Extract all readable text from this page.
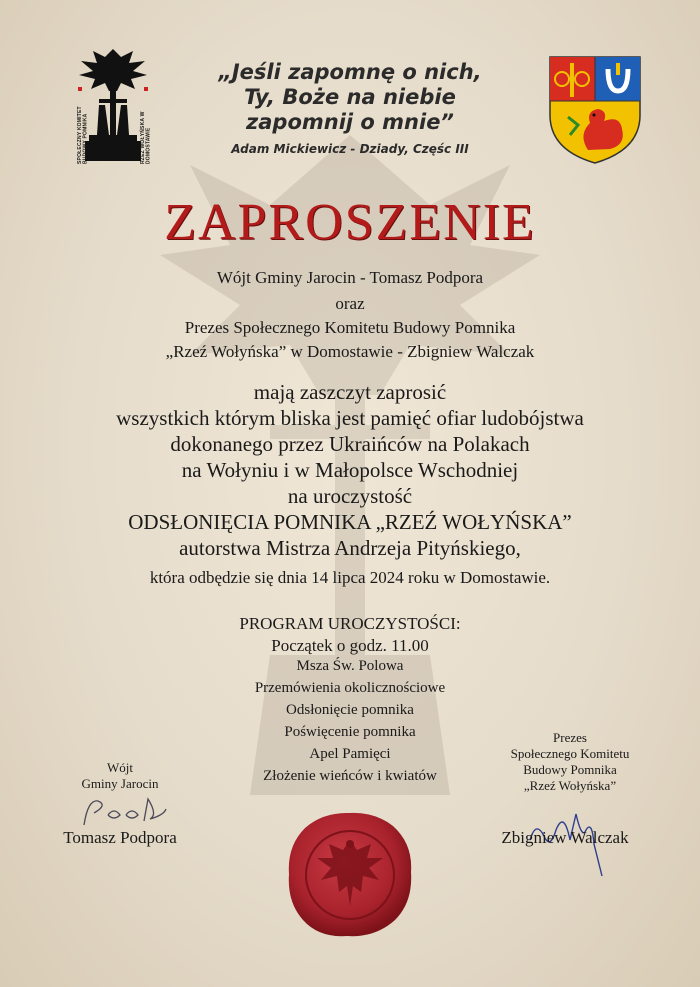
SPOŁECZNY KOMITET BUDOWY POMNIKA	RZEŹ WOŁYŃSKA W DOMOSTAWIE
„Jeśli zapomnę o nich,
Ty, Boże na niebie
zapomnij o mnie”
Adam Mickiewicz - Dziady, Częśc III
ZAPROSZENIE
Wójt Gminy Jarocin - Tomasz Podpora
oraz
Prezes Społecznego Komitetu Budowy Pomnika
„Rzeź Wołyńska” w Domostawie - Zbigniew Walczak
mają zaszczyt zaprosić
wszystkich którym bliska jest pamięć ofiar ludobójstwa
dokonanego przez Ukraińców na Polakach
na Wołyniu i w Małopolsce Wschodniej
na uroczystość
ODSŁONIĘCIA POMNIKA „RZEŹ WOŁYŃSKA”
autorstwa Mistrza Andrzeja Pityńskiego,
która odbędzie się dnia 14 lipca 2024 roku w Domostawie.
PROGRAM UROCZYSTOŚCI:
Początek o godz. 11.00
Msza Św. Polowa
Przemówienia okolicznościowe
Odsłonięcie pomnika
Poświęcenie pomnika
Apel Pamięci
Złożenie wieńców i kwiatów
Wójt
Gminy Jarocin
Tomasz Podpora
Prezes
Społecznego Komitetu
Budowy Pomnika
„Rzeź Wołyńska”
Zbigniew Walczak
